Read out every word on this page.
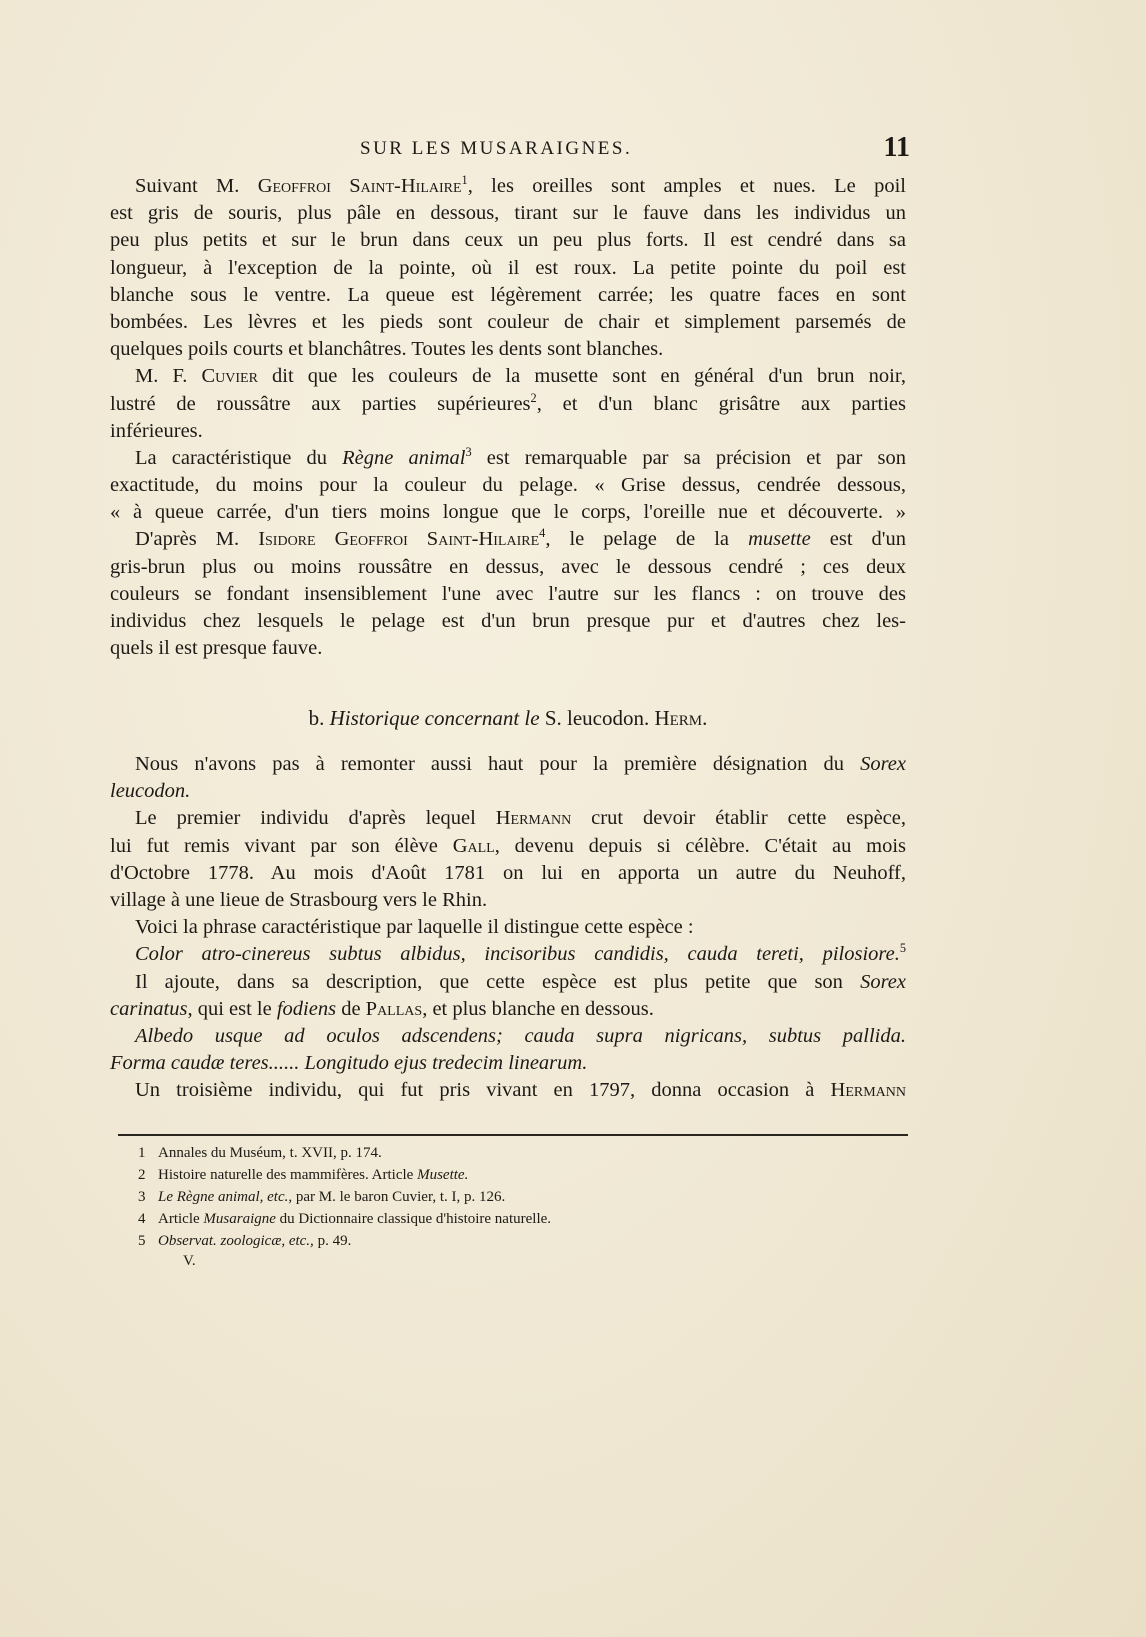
SUR LES MUSARAIGNES.	11
Suivant M. Geoffroi Saint-Hilaire$^1$, les oreilles sont amples et nues. Le poil
est gris de souris, plus pâle en dessous, tirant sur le fauve dans les individus un
peu plus petits et sur le brun dans ceux un peu plus forts. Il est cendré dans sa
longueur, à l'exception de la pointe, où il est roux. La petite pointe du poil est
blanche sous le ventre. La queue est légèrement carrée; les quatre faces en sont
bombées. Les lèvres et les pieds sont couleur de chair et simplement parsemés de
quelques poils courts et blanchâtres. Toutes les dents sont blanches.
M. F. Cuvier dit que les couleurs de la musette sont en général d'un brun noir,
lustré de roussâtre aux parties supérieures$^2$, et d'un blanc grisâtre aux parties
inférieures.
La caractéristique du Règne animal$^3$ est remarquable par sa précision et par son
exactitude, du moins pour la couleur du pelage. « Grise dessus, cendrée dessous,
« à queue carrée, d'un tiers moins longue que le corps, l'oreille nue et découverte. »
D'après M. Isidore Geoffroi Saint-Hilaire$^4$, le pelage de la musette est d'un
gris-brun plus ou moins roussâtre en dessus, avec le dessous cendré ; ces deux
couleurs se fondant insensiblement l'une avec l'autre sur les flancs : on trouve des
individus chez lesquels le pelage est d'un brun presque pur et d'autres chez les-
quels il est presque fauve.
b. Historique concernant le S. leucodon. Herm.
Nous n'avons pas à remonter aussi haut pour la première désignation du Sorex
leucodon.
Le premier individu d'après lequel Hermann crut devoir établir cette espèce,
lui fut remis vivant par son élève Gall, devenu depuis si célèbre. C'était au mois
d'Octobre 1778. Au mois d'Août 1781 on lui en apporta un autre du Neuhoff,
village à une lieue de Strasbourg vers le Rhin.
Voici la phrase caractéristique par laquelle il distingue cette espèce :
Color atro-cinereus subtus albidus, incisoribus candidis, cauda tereti, pilosiore.$^5$
Il ajoute, dans sa description, que cette espèce est plus petite que son Sorex
carinatus, qui est le fodiens de Pallas, et plus blanche en dessous.
Albedo usque ad oculos adscendens; cauda supra nigricans, subtus pallida.
Forma caudæ teres...... Longitudo ejus tredecim linearum.
Un troisième individu, qui fut pris vivant en 1797, donna occasion à Hermann
1 Annales du Muséum, t. XVII, p. 174.
2 Histoire naturelle des mammifères. Article Musette.
3 Le Règne animal, etc., par M. le baron Cuvier, t. I, p. 126.
4 Article Musaraigne du Dictionnaire classique d'histoire naturelle.
5 Observat. zoologicæ, etc., p. 49.
V.
